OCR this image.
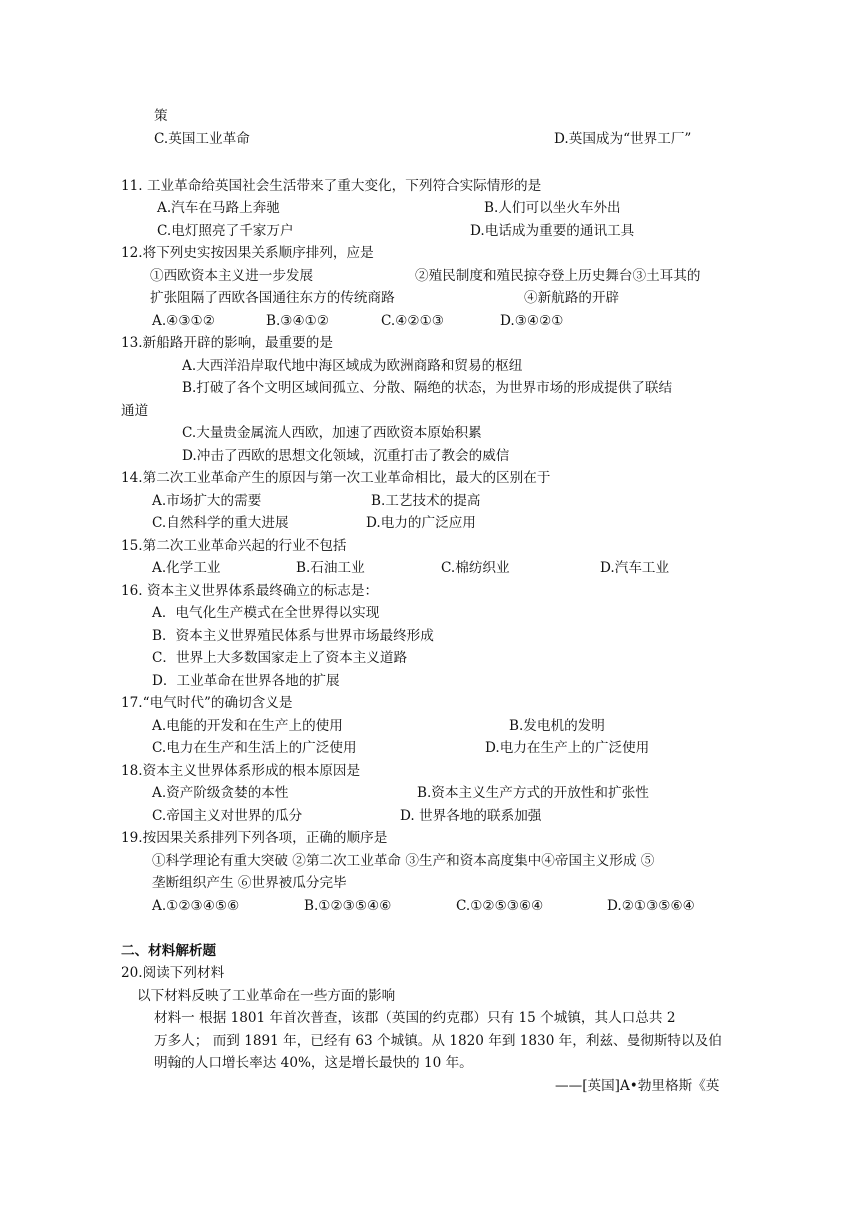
策
C.英国工业革命	D.英国成为“世界工厂”
11. 工业革命给英国社会生活带来了重大变化，下列符合实际情形的是
A.汽车在马路上奔驰	B.人们可以坐火车外出
C.电灯照亮了千家万户	D.电话成为重要的通讯工具
12.将下列史实按因果关系顺序排列，应是
①西欧资本主义进一步发展	②殖民制度和殖民掠夺登上历史舞台③土耳其的
扩张阻隔了西欧各国通往东方的传统商路	④新航路的开辟
A.④③①②	B.③④①②	C.④②①③	D.③④②①
13.新船路开辟的影响，最重要的是
A.大西洋沿岸取代地中海区域成为欧洲商路和贸易的枢纽
B.打破了各个文明区域间孤立、分散、隔绝的状态，为世界市场的形成提供了联结
通道
C.大量贵金属流人西欧，加速了西欧资本原始积累
D.冲击了西欧的思想文化领域，沉重打击了教会的威信
14.第二次工业革命产生的原因与第一次工业革命相比，最大的区别在于
A.市场扩大的需要	B.工艺技术的提高
C.自然科学的重大进展	D.电力的广泛应用
15.第二次工业革命兴起的行业不包括
A.化学工业	B.石油工业	C.棉纺织业	D.汽车工业
16. 资本主义世界体系最终确立的标志是：
A．电气化生产模式在全世界得以实现
B．资本主义世界殖民体系与世界市场最终形成
C．世界上大多数国家走上了资本主义道路
D．工业革命在世界各地的扩展
17.“电气时代”的确切含义是
A.电能的开发和在生产上的使用	B.发电机的发明
C.电力在生产和生活上的广泛使用	D.电力在生产上的广泛使用
18.资本主义世界体系形成的根本原因是
A.资产阶级贪婪的本性	B.资本主义生产方式的开放性和扩张性
C.帝国主义对世界的瓜分	D. 世界各地的联系加强
19.按因果关系排列下列各项，正确的顺序是
①科学理论有重大突破 ②第二次工业革命 ③生产和资本高度集中④帝国主义形成 ⑤
垄断组织产生 ⑥世界被瓜分完毕
A.①②③④⑤⑥	B.①②③⑤④⑥	C.①②⑤③⑥④	D.②①③⑤⑥④
二、材料解析题
20.阅读下列材料
以下材料反映了工业革命在一些方面的影响
材料一 根据 1801 年首次普查，该郡（英国的约克郡）只有 15 个城镇，其人口总共 2
万多人； 而到 1891 年，已经有 63 个城镇。从 1820 年到 1830 年，利兹、曼彻斯特以及伯
明翰的人口增长率达 40%，这是增长最快的 10 年。
——[英国]A•勃里格斯《英
